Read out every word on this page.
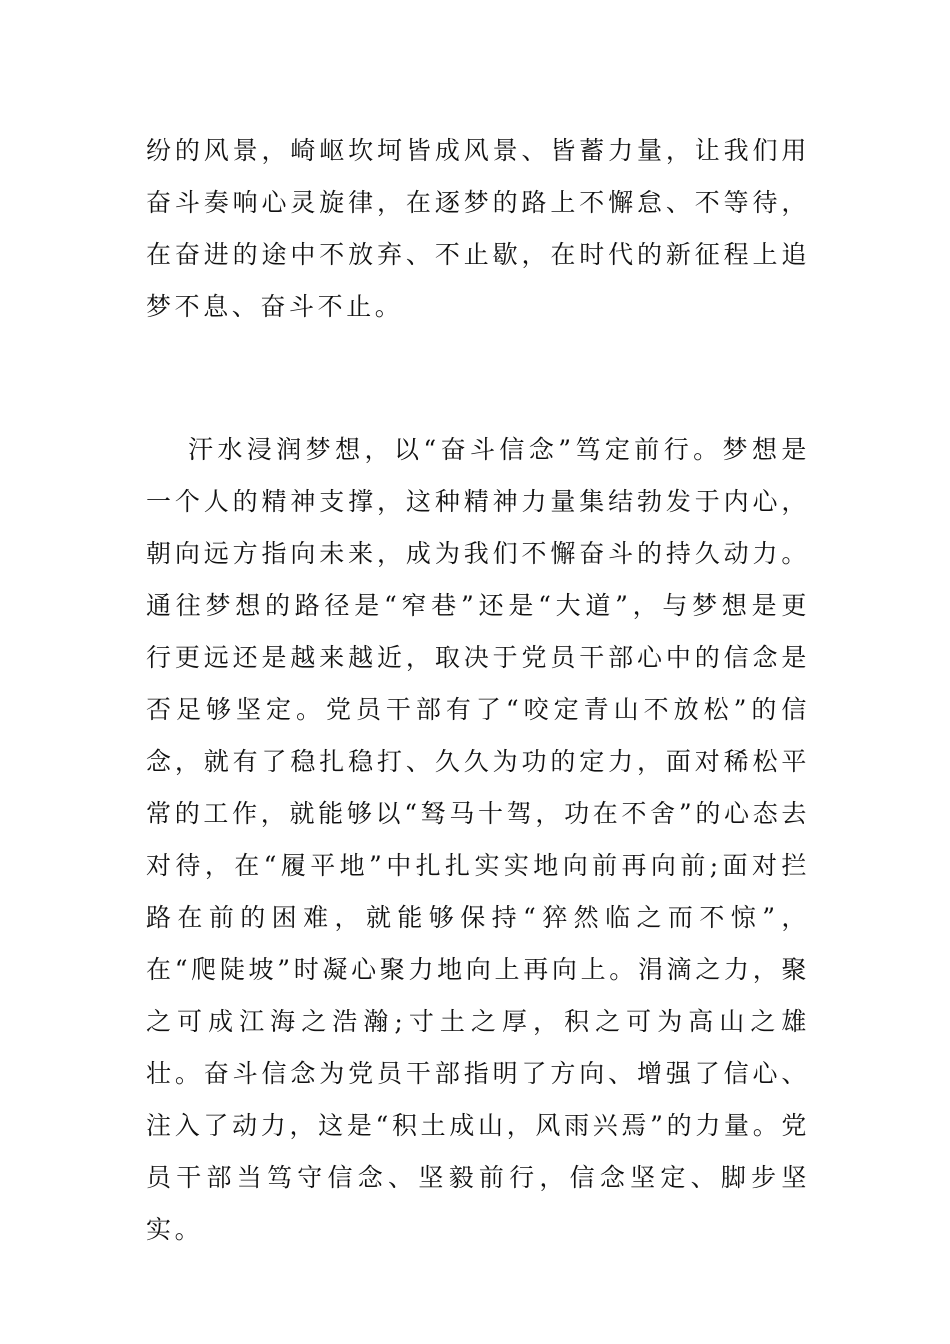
纷的风景，崎岖坎坷皆成风景、皆蓄力量，让我们用奋斗奏响心灵旋律，在逐梦的路上不懈怠、不等待，在奋进的途中不放弃、不止歇，在时代的新征程上追梦不息、奋斗不止。

汗水浸润梦想，以“奋斗信念”笃定前行。梦想是一个人的精神支撑，这种精神力量集结勃发于内心，朝向远方指向未来，成为我们不懈奋斗的持久动力。通往梦想的路径是“窄巷”还是“大道”，与梦想是更行更远还是越来越近，取决于党员干部心中的信念是否足够坚定。党员干部有了“咬定青山不放松”的信念，就有了稳扎稳打、久久为功的定力，面对稀松平常的工作，就能够以“驽马十驾，功在不舍”的心态去对待，在“履平地”中扎扎实实地向前再向前;面对拦路在前的困难，就能够保持“猝然临之而不惊”，在“爬陡坡”时凝心聚力地向上再向上。涓滴之力，聚之可成江海之浩瀚;寸土之厚，积之可为高山之雄壮。奋斗信念为党员干部指明了方向、增强了信心、注入了动力，这是“积土成山，风雨兴焉”的力量。党员干部当笃守信念、坚毅前行，信念坚定、脚步坚实。
